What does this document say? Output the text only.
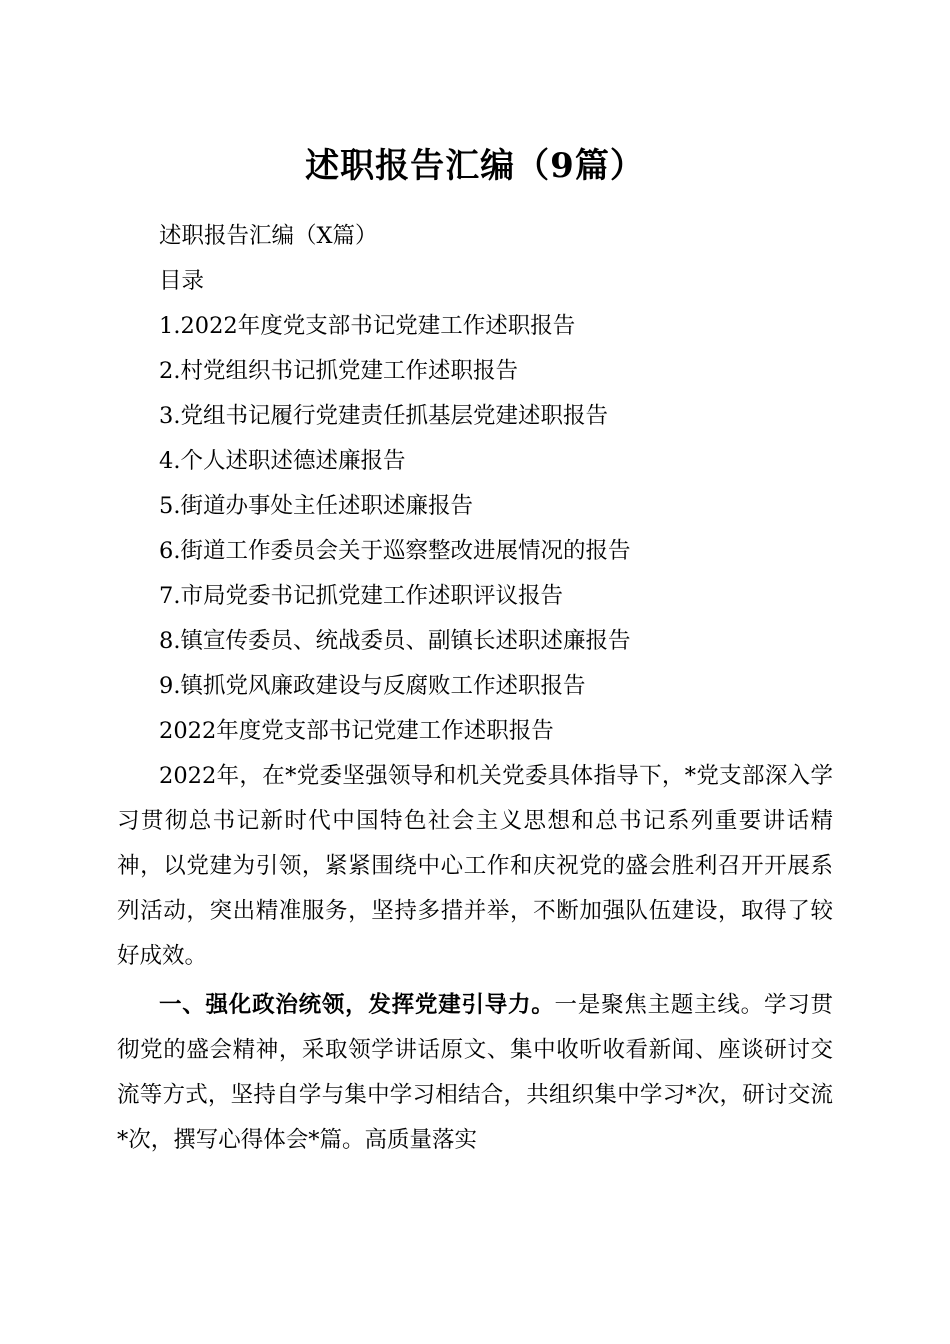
述职报告汇编（9篇）
述职报告汇编（X篇）
目录
1.2022年度党支部书记党建工作述职报告
2.村党组织书记抓党建工作述职报告
3.党组书记履行党建责任抓基层党建述职报告
4.个人述职述德述廉报告
5.街道办事处主任述职述廉报告
6.街道工作委员会关于巡察整改进展情况的报告
7.市局党委书记抓党建工作述职评议报告
8.镇宣传委员、统战委员、副镇长述职述廉报告
9.镇抓党风廉政建设与反腐败工作述职报告
2022年度党支部书记党建工作述职报告
2022年，在*党委坚强领导和机关党委具体指导下，*党支部深入学习贯彻总书记新时代中国特色社会主义思想和总书记系列重要讲话精神，以党建为引领，紧紧围绕中心工作和庆祝党的盛会胜利召开开展系列活动，突出精准服务，坚持多措并举，不断加强队伍建设，取得了较好成效。
一、强化政治统领，发挥党建引导力。一是聚焦主题主线。学习贯彻党的盛会精神，采取领学讲话原文、集中收听收看新闻、座谈研讨交流等方式，坚持自学与集中学习相结合，共组织集中学习*次，研讨交流*次，撰写心得体会*篇。高质量落实
